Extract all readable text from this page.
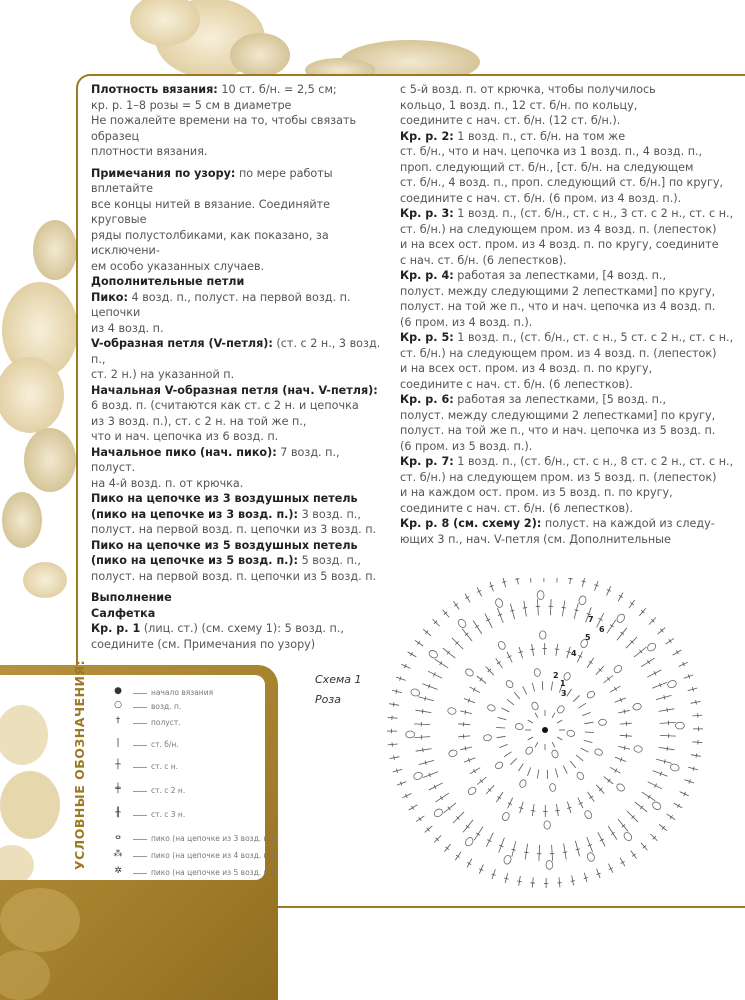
Плотность вязания: 10 ст. б/н. = 2,5 см;

кр. р. 1–8 розы = 5 см в диаметре

Не пожалейте времени на то, чтобы связать образец

плотности вязания.

Примечания по узору: по мере работы вплетайте

все концы нитей в вязание. Соединяйте круговые

ряды полустолбиками, как показано, за исключени-

ем особо указанных случаев.

Дополнительные петли

Пико: 4 возд. п., полуст. на первой возд. п. цепочки

из 4 возд. п.

V-образная петля (V-петля): (ст. с 2 н., 3 возд. п.,

ст. 2 н.) на указанной п.

Начальная V-образная петля (нач. V-петля):

6 возд. п. (считаются как ст. с 2 н. и цепочка

из 3 возд. п.), ст. с 2 н. на той же п.,

что и нач. цепочка из 6 возд. п.

Начальное пико (нач. пико): 7 возд. п., полуст.

на 4-й возд. п. от крючка.

Пико на цепочке из 3 воздушных петель

(пико на цепочке из 3 возд. п.): 3 возд. п.,

полуст. на первой возд. п. цепочки из 3 возд. п.

Пико на цепочке из 5 воздушных петель

(пико на цепочке из 5 возд. п.): 5 возд. п.,

полуст. на первой возд. п. цепочки из 5 возд. п.

Выполнение

Салфетка

Кр. р. 1 (лиц. ст.) (см. схему 1): 5 возд. п.,

соедините (см. Примечания по узору)

с 5-й возд. п. от крючка, чтобы получилось

кольцо, 1 возд. п., 12 ст. б/н. по кольцу,

соедините с нач. ст. б/н. (12 ст. б/н.).

Кр. р. 2: 1 возд. п., ст. б/н. на том же

ст. б/н., что и нач. цепочка из 1 возд. п., 4 возд. п.,

проп. следующий ст. б/н., [ст. б/н. на следующем

ст. б/н., 4 возд. п., проп. следующий ст. б/н.] по кругу,

соедините с нач. ст. б/н. (6 пром. из 4 возд. п.).

Кр. р. 3: 1 возд. п., (ст. б/н., ст. с н., 3 ст. с 2 н., ст. с н.,

ст. б/н.) на следующем пром. из 4 возд. п. (лепесток)

и на всех ост. пром. из 4 возд. п. по кругу, соедините

с нач. ст. б/н. (6 лепестков).

Кр. р. 4: работая за лепестками, [4 возд. п.,

полуст. между следующими 2 лепестками] по кругу,

полуст. на той же п., что и нач. цепочка из 4 возд. п.

(6 пром. из 4 возд. п.).

Кр. р. 5: 1 возд. п., (ст. б/н., ст. с н., 5 ст. с 2 н., ст. с н.,

ст. б/н.) на следующем пром. из 4 возд. п. (лепесток)

и на всех ост. пром. из 4 возд. п. по кругу,

соедините с нач. ст. б/н. (6 лепестков).

Кр. р. 6: работая за лепестками, [5 возд. п.,

полуст. между следующими 2 лепестками] по кругу,

полуст. на той же п., что и нач. цепочка из 5 возд. п.

(6 пром. из 5 возд. п.).

Кр. р. 7: 1 возд. п., (ст. б/н., ст. с н., 8 ст. с 2 н., ст. с н.,

ст. б/н.) на следующем пром. из 5 возд. п. (лепесток)

и на каждом ост. пром. из 5 возд. п. по кругу,

соедините с нач. ст. б/н. (6 лепестков).

Кр. р. 8 (см. схему 2): полуст. на каждой из следу-

ющих 3 п., нач. V-петля (см. Дополнительные

УСЛОВНЫЕ ОБОЗНАЧЕНИЯ:	●	начало вязания
○	возд. п.
†	полуст.
|	ст. б/н.
┼	ст. с н.
╪	ст. с 2 н.
╫	ст. с 3 н.
ⴰ	пико (на цепочке из 3 возд. п.)
⁂	пико (на цепочке из 4 возд. п.)
✲	пико (на цепочке из 5 возд. п.)
Схема 1
Роза
1
2
3
4
5
6
7
